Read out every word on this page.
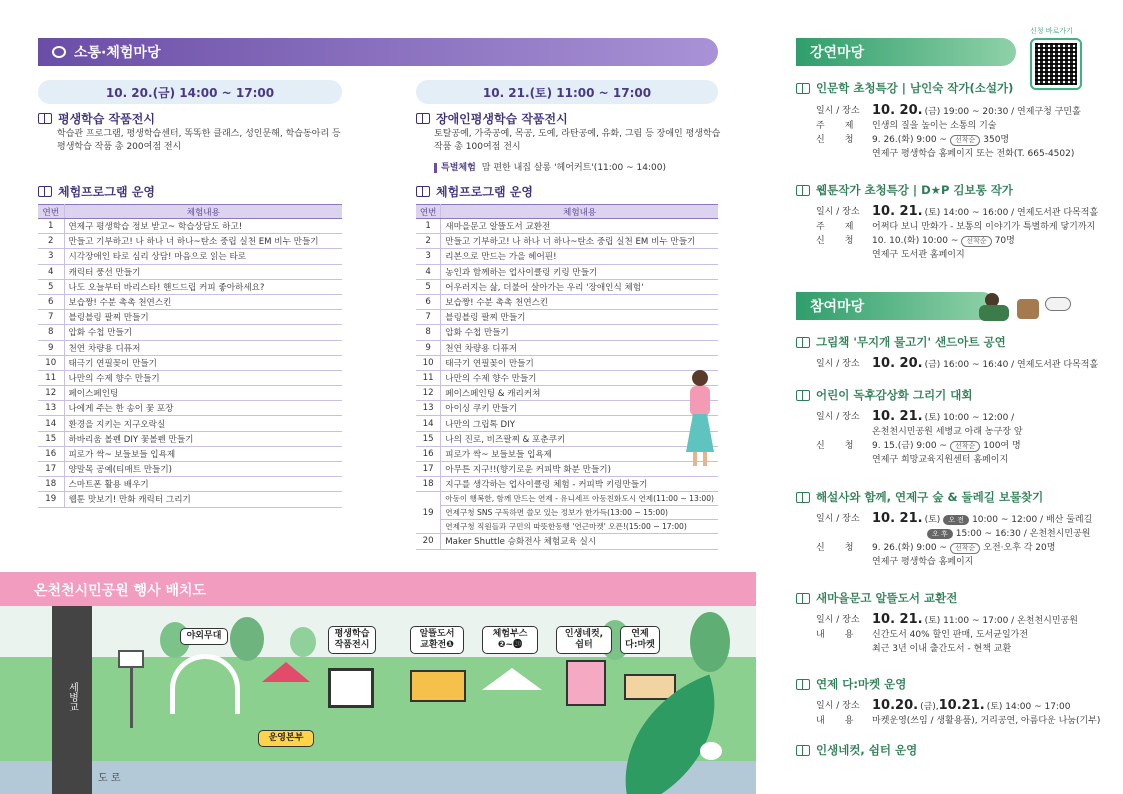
소통·체험마당
10. 20.(금) 14:00 ~ 17:00
평생학습 작품전시
학습관 프로그램, 평생학습센터, 똑똑한 클래스, 성인문해, 학습동아리 등
평생학습 작품 총 200여점 전시
체험프로그램 운영
연번	체험내용
1	연제구 평생학습 정보 받고~ 학습상담도 하고!
2	만들고 기부하고! 나 하나 너 하나~탄소 중립 실천 EM 비누 만들기
3	시각장애인 타로 심리 상담! 마음으로 읽는 타로
4	캐릭터 풍선 만들기
5	나도 오늘부터 바리스타! 핸드드립 커피 좋아하세요?
6	보습짱! 수분 촉촉 천연스킨
7	블링블링 팔찌 만들기
8	압화 수첩 만들기
9	천연 차량용 디퓨저
10	태극기 연필꽂이 만들기
11	나만의 수제 향수 만들기
12	페이스페인팅
13	나에게 주는 한 송이 꽃 포장
14	환경을 지키는 지구오락실
15	하바리움 볼펜 DIY 꽃볼펜 만들기
16	피로가 싹~ 보들보들 입욕제
17	양말목 공예(티매트 만들기)
18	스마트폰 활용 배우기
19	웹툰 맛보기! 만화 캐릭터 그리기
10. 21.(토) 11:00 ~ 17:00
장애인평생학습 작품전시
토탈공예, 가죽공예, 목공, 도예, 라탄공예, 유화, 그림 등 장애인 평생학습
작품 총 100여점 전시
특별체험 맘 편한 내집 살롱 '헤어커트'(11:00 ~ 14:00)
체험프로그램 운영
연번	체험내용
1	새마을문고 알뜰도서 교환전
2	만들고 기부하고! 나 하나 너 하나~탄소 중립 실천 EM 비누 만들기
3	리본으로 만드는 가을 헤어핀!
4	농인과 함께하는 업사이클링 키링 만들기
5	어우러지는 삶, 더불어 살아가는 우리 '장애인식 체험'
6	보습짱! 수분 촉촉 천연스킨
7	블링블링 팔찌 만들기
8	압화 수첩 만들기
9	천연 차량용 디퓨저
10	태극기 연필꽂이 만들기
11	나만의 수제 향수 만들기
12	페이스페인팅 & 캐리커쳐
13	아이싱 쿠키 만들기
14	나만의 그립톡 DIY
15	나의 진로, 비즈팔찌 & 포춘쿠키
16	피로가 싹~ 보들보들 입욕제
17	아무튼 지구!!(향기로운 커피박 화분 만들기)
18	지구를 생각하는 업사이클링 체험 - 커피박 키링만들기
19	아동이 행복한, 함께 만드는 연제 - 유니세프 아동친화도시 연제(11:00 ~ 13:00)
	연제구청 SNS 구독하면 쓸모 있는 정보가 한가득(13:00 ~ 15:00)
	연제구청 직원들과 구민의 따뜻한동행 '연근마켓' 오픈!(15:00 ~ 17:00)
20	Maker Shuttle 승화전사 체험교육 실시
온천천시민공원 행사 배치도
세병교
도 로
야외무대
운영본부
평생학습
작품전시
알뜰도서
교환전❶
체험부스
❷~⓴
인생네컷,
쉼터
연제
다:마켓
신청 바로가기
강연마당
인문학 초청특강 | 남인숙 작가(소설가)
일시 / 장소 10. 20. (금) 19:00 ~ 20:30 / 연제구청 구민홀
주       제	인생의 질을 높이는 소통의 기술
신       청	9. 26.(화) 9:00 ~ 선착순 350명
연제구 평생학습 홈페이지 또는 전화(T. 665-4502)
웹툰작가 초청특강 | D★P 김보통 작가
일시 / 장소 10. 21. (토) 14:00 ~ 16:00 / 연제도서관 다목적홀
주       제	어쩌다 보니 만화가 - 보통의 이야기가 특별하게 닿기까지
신       청	10. 10.(화) 10:00 ~ 선착순 70명
연제구 도서관 홈페이지
참여마당
그림책 '무지개 물고기' 샌드아트 공연
일시 / 장소 10. 20. (금) 16:00 ~ 16:40 / 연제도서관 다목적홀
어린이 독후감상화 그리기 대회
일시 / 장소 10. 21. (토) 10:00 ~ 12:00 /
온천천시민공원 세병교 아래 농구장 앞
신       청	9. 15.(금) 9:00 ~ 선착순 100여 명
연제구 희망교육지원센터 홈페이지
해설사와 함께, 연제구 숲 & 둘레길 보물찾기
일시 / 장소 10. 21. (토) 오 전 10:00 ~ 12:00 / 배산 둘레길
오 후 15:00 ~ 16:30 / 온천천시민공원
신       청	9. 26.(화) 9:00 ~ 선착순 오전·오후 각 20명
연제구 평생학습 홈페이지
새마을문고 알뜰도서 교환전
일시 / 장소 10. 21. (토) 11:00 ~ 17:00 / 온천천시민공원
내       용	신간도서 40% 할인 판매, 도서균일가전
최근 3년 이내 출간도서 - 현책 교환
연제 다:마켓 운영
일시 / 장소 10.20. (금),10.21. (토) 14:00 ~ 17:00
내       용	마켓운영(쓰임 / 생활용품), 거리공연, 아름다운 나눔(기부)
인생네컷, 쉼터 운영
